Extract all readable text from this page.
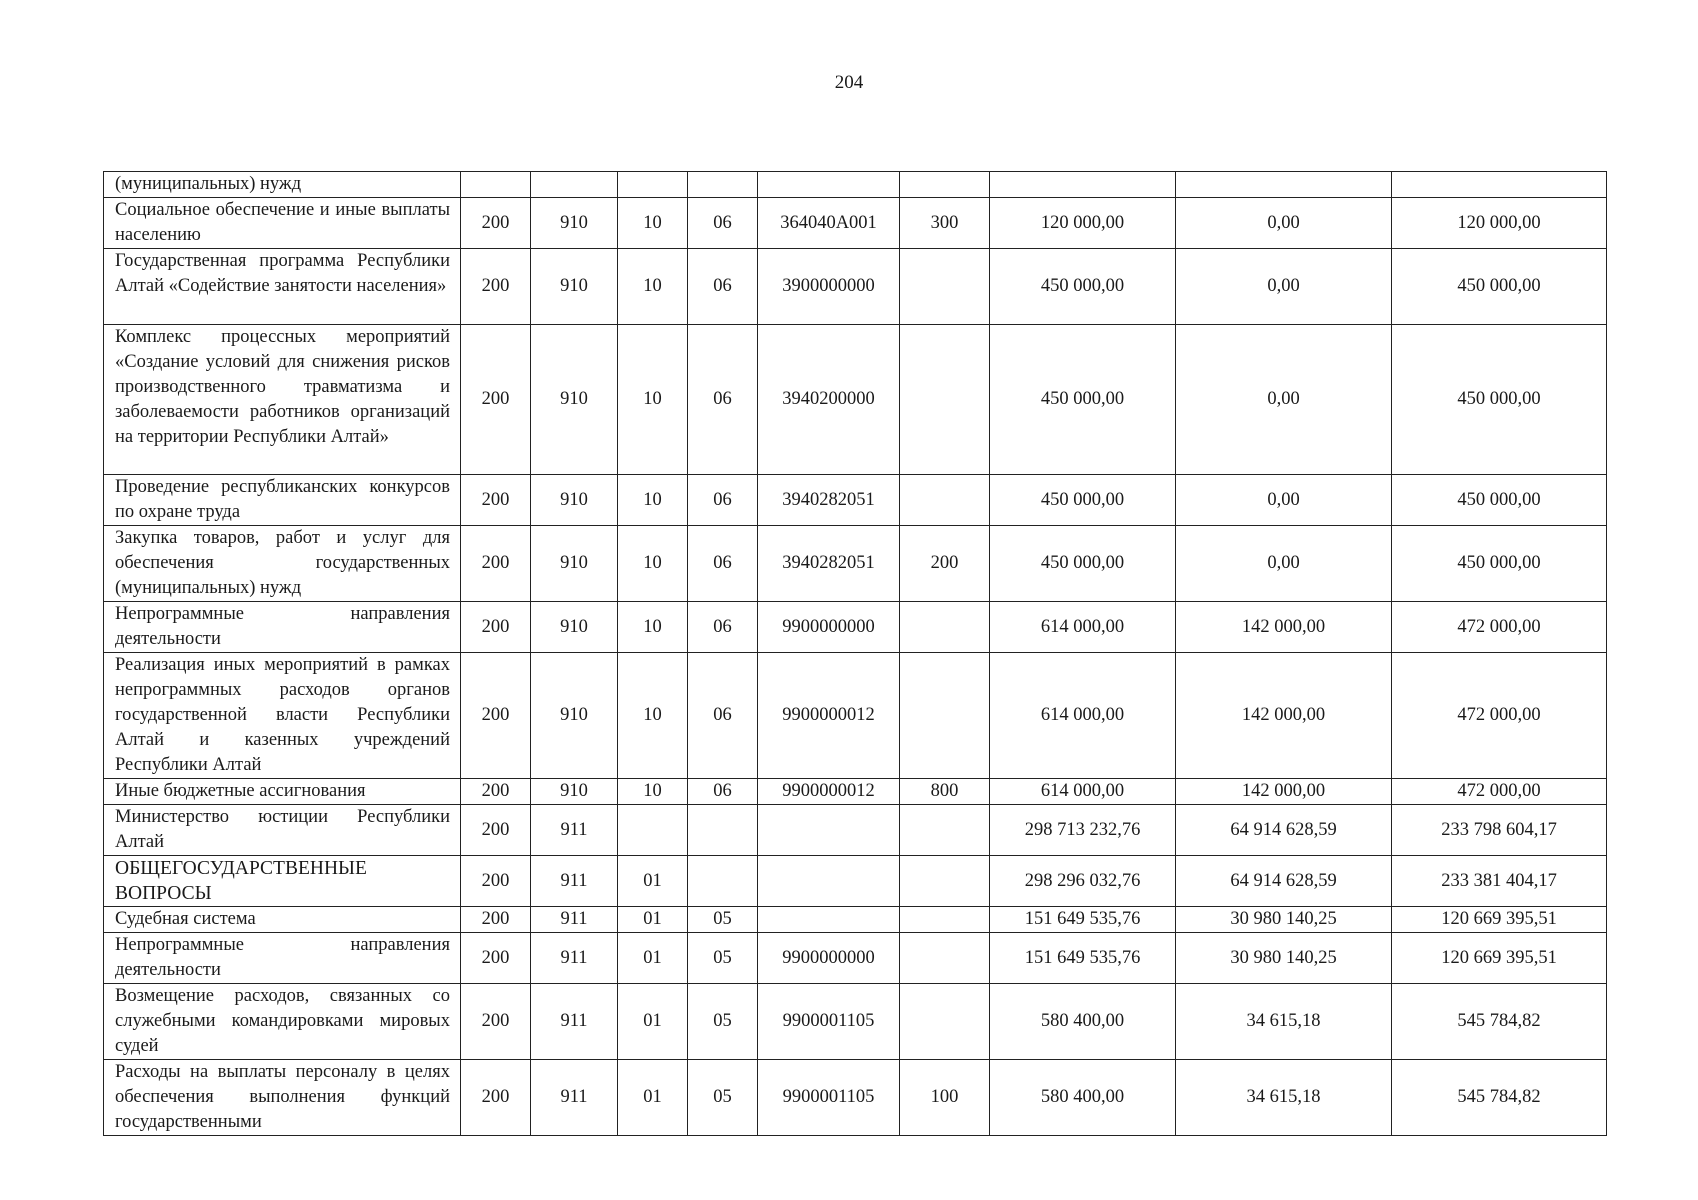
204
(муниципальных) нужд									
Социальное обеспечение и иные выплаты населению	200	910	10	06	364040A001	300	120 000,00	0,00	120 000,00
Государственная программа Республики Алтай «Содействие занятости населения»	200	910	10	06	3900000000		450 000,00	0,00	450 000,00
Комплекс процессных мероприятий «Создание условий для снижения рисков производственного травматизма и заболеваемости работников организаций на территории Республики Алтай»	200	910	10	06	3940200000		450 000,00	0,00	450 000,00
Проведение республиканских конкурсов по охране труда	200	910	10	06	3940282051		450 000,00	0,00	450 000,00
Закупка товаров, работ и услуг для обеспечения государственных (муниципальных) нужд	200	910	10	06	3940282051	200	450 000,00	0,00	450 000,00
Непрограммные направления деятельности	200	910	10	06	9900000000		614 000,00	142 000,00	472 000,00
Реализация иных мероприятий в рамках непрограммных расходов органов государственной власти Республики Алтай и казенных учреждений Республики Алтай	200	910	10	06	9900000012		614 000,00	142 000,00	472 000,00
Иные бюджетные ассигнования	200	910	10	06	9900000012	800	614 000,00	142 000,00	472 000,00
Министерство юстиции Республики Алтай	200	911					298 713 232,76	64 914 628,59	233 798 604,17
ОБЩЕГОСУДАРСТВЕННЫЕ ВОПРОСЫ	200	911	01				298 296 032,76	64 914 628,59	233 381 404,17
Судебная система	200	911	01	05			151 649 535,76	30 980 140,25	120 669 395,51
Непрограммные направления деятельности	200	911	01	05	9900000000		151 649 535,76	30 980 140,25	120 669 395,51
Возмещение расходов, связанных со служебными командировками мировых судей	200	911	01	05	9900001105		580 400,00	34 615,18	545 784,82
Расходы на выплаты персоналу в целях обеспечения выполнения функций государственными	200	911	01	05	9900001105	100	580 400,00	34 615,18	545 784,82
